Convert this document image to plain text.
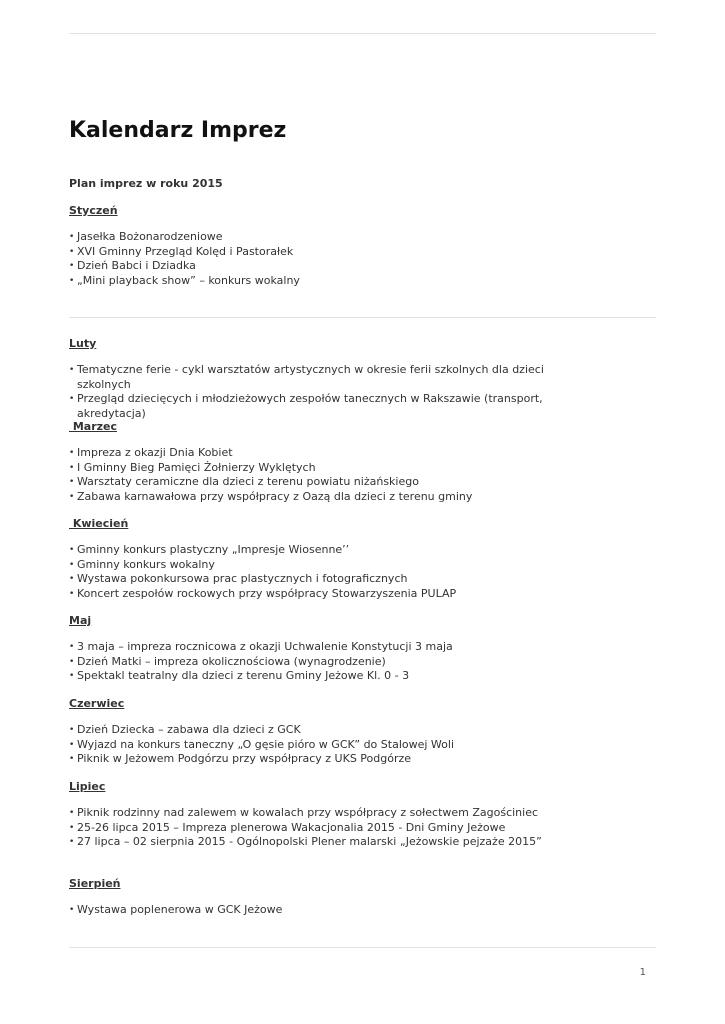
Kalendarz Imprez

Plan imprez w roku 2015

Styczeń

• Jasełka Bożonarodzeniowe
• XVI Gminny Przegląd Kolęd i Pastorałek
• Dzień Babci i Dziadka
• „Mini playback show” – konkurs wokalny

Luty

• Tematyczne ferie - cykl warsztatów artystycznych w okresie ferii szkolnych dla dzieci szkolnych
• Przegląd dziecięcych i młodzieżowych zespołów tanecznych w Rakszawie (transport, akredytacja)

Marzec

• Impreza z okazji Dnia Kobiet
• I Gminny Bieg Pamięci Żołnierzy Wyklętych
• Warsztaty ceramiczne dla dzieci z terenu powiatu niżańskiego
• Zabawa karnawałowa przy współpracy z Oazą dla dzieci z terenu gminy

Kwiecień

• Gminny konkurs plastyczny „Impresje Wiosenne’’
• Gminny konkurs wokalny
• Wystawa pokonkursowa prac plastycznych i fotograficznych
• Koncert zespołów rockowych przy współpracy Stowarzyszenia PULAP

Maj

• 3 maja – impreza rocznicowa z okazji Uchwalenie Konstytucji 3 maja
• Dzień Matki – impreza okolicznościowa (wynagrodzenie)
• Spektakl teatralny dla dzieci z terenu Gminy Jeżowe Kl. 0 - 3

Czerwiec

• Dzień Dziecka – zabawa dla dzieci z GCK
• Wyjazd na konkurs taneczny „O gęsie pióro w GCK” do Stalowej Woli
• Piknik w Jeżowem Podgórzu przy współpracy z UKS Podgórze

Lipiec

• Piknik rodzinny nad zalewem w kowalach przy współpracy z sołectwem Zagościniec
• 25-26 lipca 2015 – Impreza plenerowa Wakacjonalia 2015 - Dni Gminy Jeżowe
• 27 lipca – 02 sierpnia 2015 - Ogólnopolski Plener malarski „Jeżowskie pejzaże 2015”

Sierpień

• Wystawa poplenerowa w GCK Jeżowe
1
